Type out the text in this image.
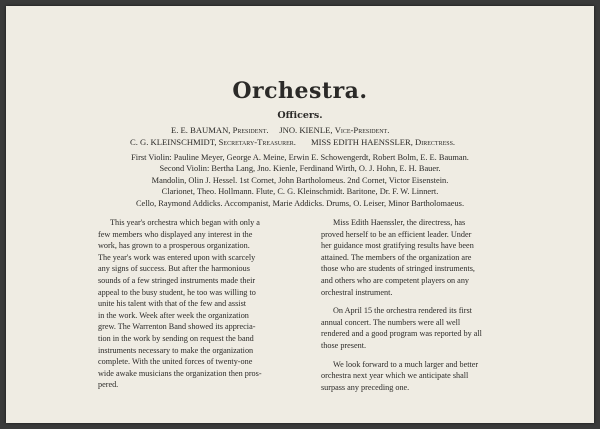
Orchestra.
Officers.
E. E. BAUMAN, President. JNO. KIENLE, Vice-President.
C. G. KLEINSCHMIDT, Secretary-Treasurer. MISS EDITH HAENSSLER, Directress.
First Violin: Pauline Meyer, George A. Meine, Erwin E. Schowengerdt, Robert Bolm, E. E. Bauman.
Second Violin: Bertha Lang, Jno. Kienle, Ferdinand Wirth, O. J. Hohn, E. H. Bauer.
Mandolin, Olin J. Hessel. 1st Cornet, John Bartholomeus. 2nd Cornet, Victor Eisenstein.
Clarionet, Theo. Hollmann. Flute, C. G. Kleinschmidt. Baritone, Dr. F. W. Linnert.
Cello, Raymond Addicks. Accompanist, Marie Addicks. Drums, O. Leiser, Minor Bartholomaeus.
This year's orchestra which began with only a
few members who displayed any interest in the
work, has grown to a prosperous organization.
The year's work was entered upon with scarcely
any signs of success. But after the harmonious
sounds of a few stringed instruments made their
appeal to the busy student, he too was willing to
unite his talent with that of the few and assist
in the work. Week after week the organization
grew. The Warrenton Band showed its apprecia-
tion in the work by sending on request the band
instruments necessary to make the organization
complete. With the united forces of twenty-one
wide awake musicians the organization then pros-
pered.
Miss Edith Haenssler, the directress, has
proved herself to be an efficient leader. Under
her guidance most gratifying results have been
attained. The members of the organization are
those who are students of stringed instruments,
and others who are competent players on any
orchestral instrument.
On April 15 the orchestra rendered its first
annual concert. The numbers were all well
rendered and a good program was reported by all
those present.
We look forward to a much larger and better
orchestra next year which we anticipate shall
surpass any preceding one.
